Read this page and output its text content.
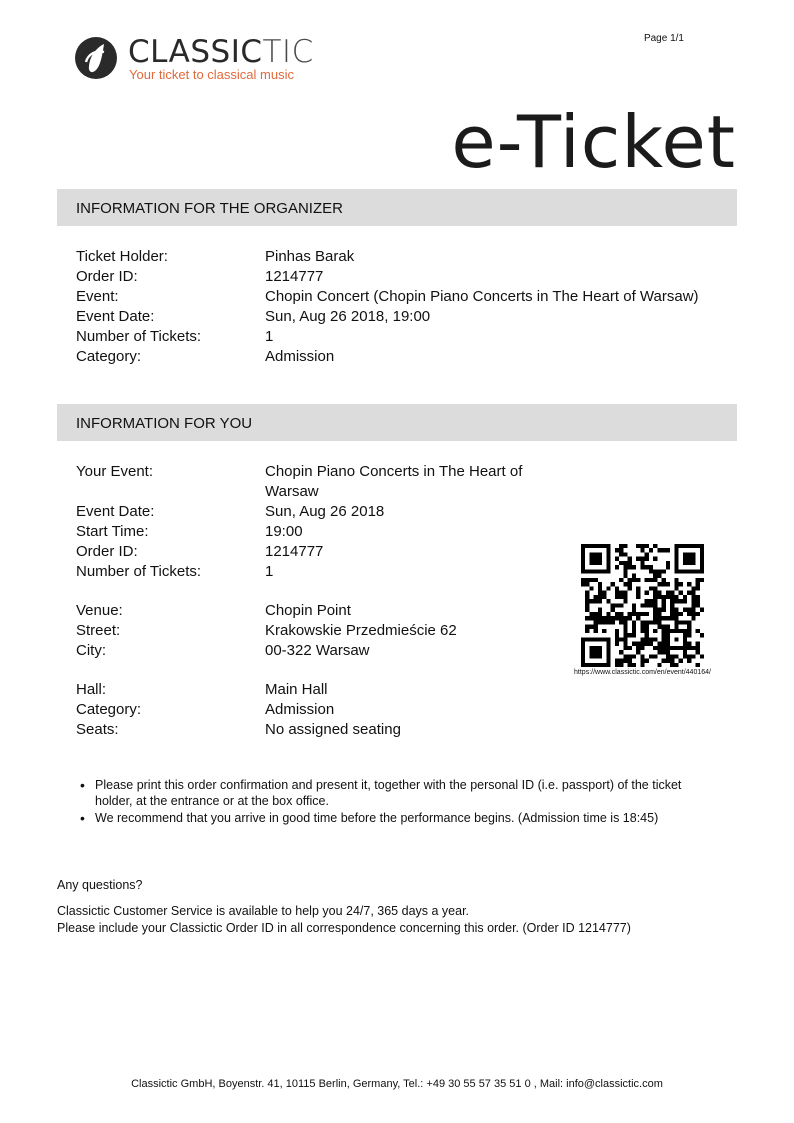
CLASSICTIC
Your ticket to classical music
Page 1/1
e-Ticket
INFORMATION FOR THE ORGANIZER
Ticket Holder:	Pinhas Barak
Order ID:	1214777
Event:	Chopin Concert (Chopin Piano Concerts in The Heart of Warsaw)
Event Date:	Sun, Aug 26 2018, 19:00
Number of Tickets:	1
Category:	Admission
INFORMATION FOR YOU
Your Event:	Chopin Piano Concerts in The Heart of Warsaw
Event Date:	Sun, Aug 26 2018
Start Time:	19:00
Order ID:	1214777
Number of Tickets:	1
Venue:	Chopin Point
Street:	Krakowskie Przedmieście 62
City:	00-322 Warsaw
Hall:	Main Hall
Category:	Admission
Seats:	No assigned seating
https://www.classictic.com/en/event/440164/
• Please print this order confirmation and present it, together with the personal ID (i.e. passport) of the ticket holder, at the entrance or at the box office.
• We recommend that you arrive in good time before the performance begins. (Admission time is 18:45)
Any questions?
Classictic Customer Service is available to help you 24/7, 365 days a year.
Please include your Classictic Order ID in all correspondence concerning this order. (Order ID 1214777)
Classictic GmbH, Boyenstr. 41, 10115 Berlin, Germany, Tel.: +49 30 55 57 35 51 0 , Mail: info@classictic.com
